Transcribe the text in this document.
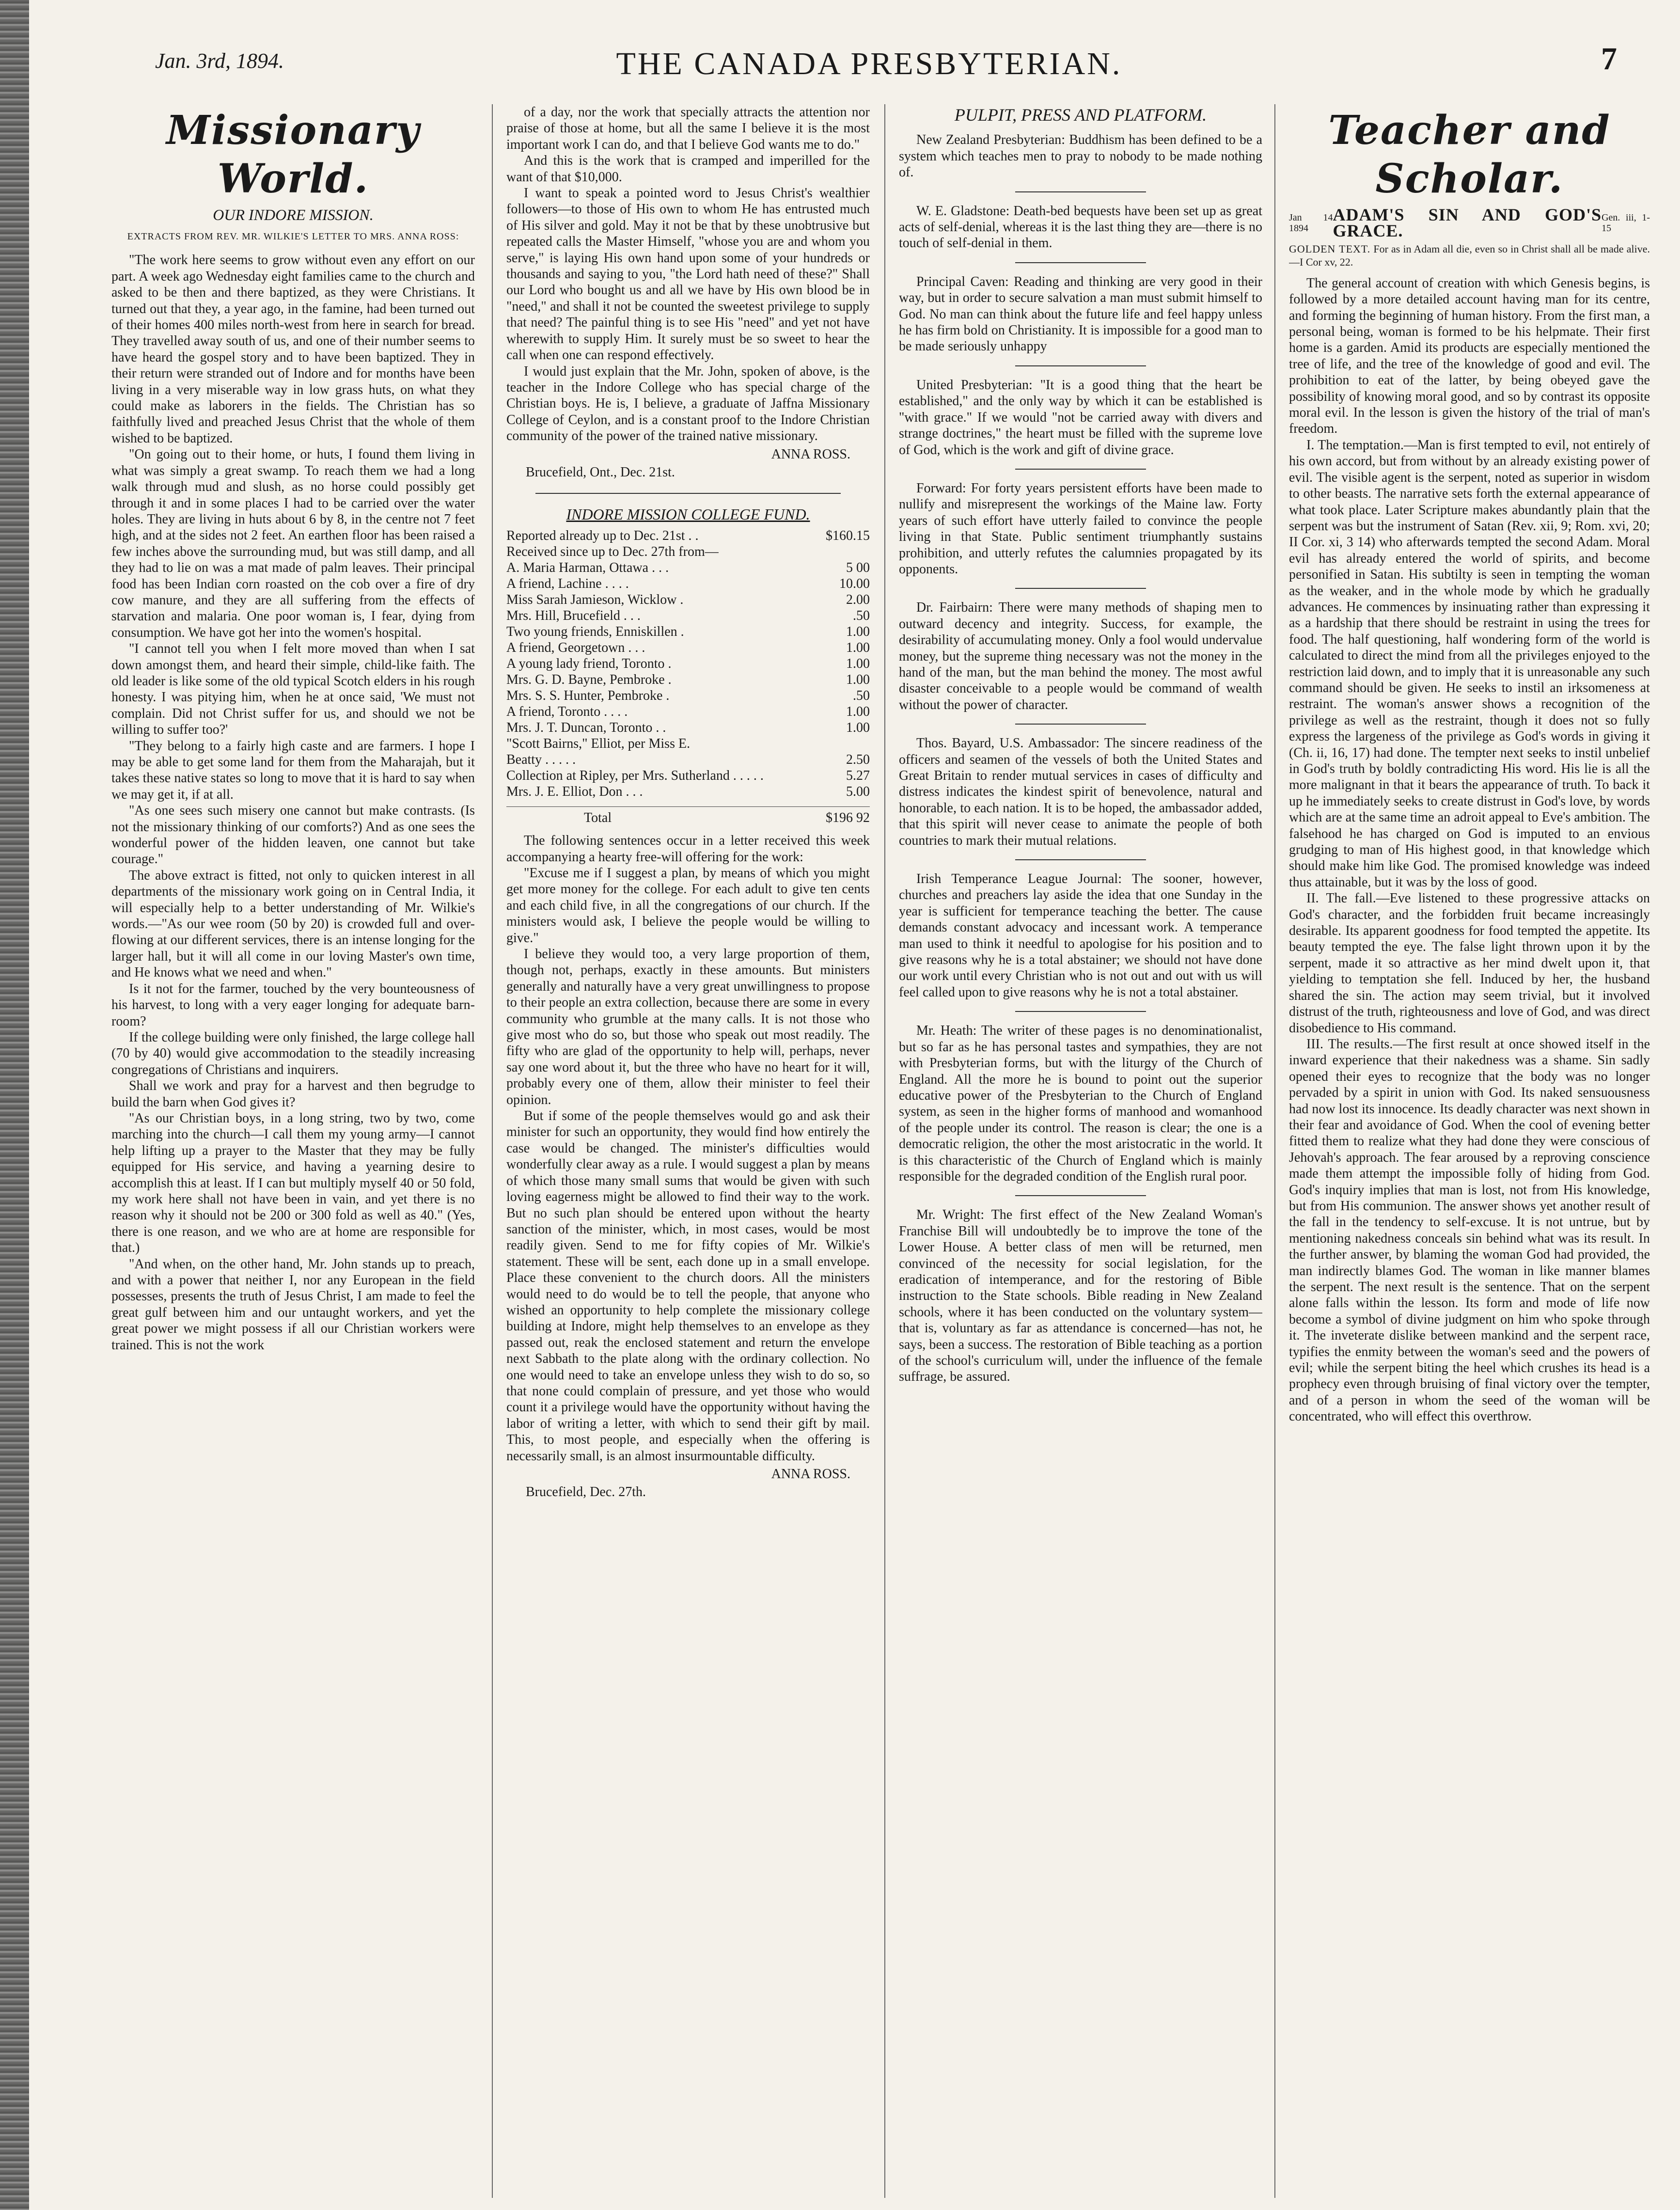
Jan. 3rd, 1894.	THE CANADA PRESBYTERIAN.	7
Missionary World.
OUR INDORE MISSION.
EXTRACTS FROM REV. MR. WILKIE'S LETTER TO MRS. ANNA ROSS:

"The work here seems to grow without even any effort on our part. A week ago Wednesday eight families came to the church and asked to be then and there baptized, as they were Christians. It turned out that they, a year ago, in the famine, had been turned out of their homes 400 miles north-west from here in search for bread. They travelled away south of us, and one of their number seems to have heard the gospel story and to have been baptized. They in their return were stranded out of Indore and for months have been living in a very miserable way in low grass huts, on what they could make as laborers in the fields. The Christian has so faithfully lived and preached Jesus Christ that the whole of them wished to be baptized.

"On going out to their home, or huts, I found them living in what was simply a great swamp. To reach them we had a long walk through mud and slush, as no horse could possibly get through it and in some places I had to be carried over the water holes. They are living in huts about 6 by 8, in the centre not 7 feet high, and at the sides not 2 feet. An earthen floor has been raised a few inches above the surrounding mud, but was still damp, and all they had to lie on was a mat made of palm leaves. Their principal food has been Indian corn roasted on the cob over a fire of dry cow manure, and they are all suffering from the effects of starvation and malaria. One poor woman is, I fear, dying from consumption. We have got her into the women's hospital.

"I cannot tell you when I felt more moved than when I sat down amongst them, and heard their simple, child-like faith. The old leader is like some of the old typical Scotch elders in his rough honesty. I was pitying him, when he at once said, 'We must not complain. Did not Christ suffer for us, and should we not be willing to suffer too?'

"They belong to a fairly high caste and are farmers. I hope I may be able to get some land for them from the Maharajah, but it takes these native states so long to move that it is hard to say when we may get it, if at all.

"As one sees such misery one cannot but make contrasts. (Is not the missionary thinking of our comforts?) And as one sees the wonderful power of the hidden leaven, one cannot but take courage."

The above extract is fitted, not only to quicken interest in all departments of the missionary work going on in Central India, it will especially help to a better understanding of Mr. Wilkie's words.—"As our wee room (50 by 20) is crowded full and over-flowing at our different services, there is an intense longing for the larger hall, but it will all come in our loving Master's own time, and He knows what we need and when."

Is it not for the farmer, touched by the very bounteousness of his harvest, to long with a very eager longing for adequate barn-room?

If the college building were only finished, the large college hall (70 by 40) would give accommodation to the steadily increasing congregations of Christians and inquirers.

Shall we work and pray for a harvest and then begrudge to build the barn when God gives it?

"As our Christian boys, in a long string, two by two, come marching into the church—I call them my young army—I cannot help lifting up a prayer to the Master that they may be fully equipped for His service, and having a yearning desire to accomplish this at least. If I can but multiply myself 40 or 50 fold, my work here shall not have been in vain, and yet there is no reason why it should not be 200 or 300 fold as well as 40." (Yes, there is one reason, and we who are at home are responsible for that.)

"And when, on the other hand, Mr. John stands up to preach, and with a power that neither I, nor any European in the field possesses, presents the truth of Jesus Christ, I am made to feel the great gulf between him and our untaught workers, and yet the great power we might possess if all our Christian workers were trained. This is not the work

of a day, nor the work that specially attracts the attention nor praise of those at home, but all the same I believe it is the most important work I can do, and that I believe God wants me to do."

And this is the work that is cramped and imperilled for the want of that $10,000.

I want to speak a pointed word to Jesus Christ's wealthier followers—to those of His own to whom He has entrusted much of His silver and gold. May it not be that by these unobtrusive but repeated calls the Master Himself, "whose you are and whom you serve," is laying His own hand upon some of your hundreds or thousands and saying to you, "the Lord hath need of these?" Shall our Lord who bought us and all we have by His own blood be in "need," and shall it not be counted the sweetest privilege to supply that need? The painful thing is to see His "need" and yet not have wherewith to supply Him. It surely must be so sweet to hear the call when one can respond effectively.

I would just explain that the Mr. John, spoken of above, is the teacher in the Indore College who has special charge of the Christian boys. He is, I believe, a graduate of Jaffna Missionary College of Ceylon, and is a constant proof to the Indore Christian community of the power of the trained native missionary.

ANNA ROSS.
Brucefield, Ont., Dec. 21st.
INDORE MISSION COLLEGE FUND.
Reported already up to Dec. 21st . .	$160.15
Received since up to Dec. 27th from—
A. Maria Harman, Ottawa . . .	5 00
A friend, Lachine . . . .	10.00
Miss Sarah Jamieson, Wicklow .	2.00
Mrs. Hill, Brucefield . . .	.50
Two young friends, Enniskillen .	1.00
A friend, Georgetown . . .	1.00
A young lady friend, Toronto .	1.00
Mrs. G. D. Bayne, Pembroke .	1.00
Mrs. S. S. Hunter, Pembroke .	.50
A friend, Toronto . . . .	1.00
Mrs. J. T. Duncan, Toronto . .	1.00
"Scott Bairns," Elliot, per Miss E.
Beatty . . . . .	2.50
Collection at Ripley, per Mrs. Sutherland . . . . .	5.27
Mrs. J. E. Elliot, Don . . .	5.00
Total	$196 92

The following sentences occur in a letter received this week accompanying a hearty free-will offering for the work:

"Excuse me if I suggest a plan, by means of which you might get more money for the college. For each adult to give ten cents and each child five, in all the congregations of our church. If the ministers would ask, I believe the people would be willing to give."

I believe they would too, a very large proportion of them, though not, perhaps, exactly in these amounts. But ministers generally and naturally have a very great unwillingness to propose to their people an extra collection, because there are some in every community who grumble at the many calls. It is not those who give most who do so, but those who speak out most readily. The fifty who are glad of the opportunity to help will, perhaps, never say one word about it, but the three who have no heart for it will, probably every one of them, allow their minister to feel their opinion.

But if some of the people themselves would go and ask their minister for such an opportunity, they would find how entirely the case would be changed. The minister's difficulties would wonderfully clear away as a rule. I would suggest a plan by means of which those many small sums that would be given with such loving eagerness might be allowed to find their way to the work. But no such plan should be entered upon without the hearty sanction of the minister, which, in most cases, would be most readily given. Send to me for fifty copies of Mr. Wilkie's statement. These will be sent, each done up in a small envelope. Place these convenient to the church doors. All the ministers would need to do would be to tell the people, that anyone who wished an opportunity to help complete the missionary college building at Indore, might help themselves to an envelope as they passed out, reak the enclosed statement and return the envelope next Sabbath to the plate along with the ordinary collection. No one would need to take an envelope unless they wish to do so, so that none could complain of pressure, and yet those who would count it a privilege would have the opportunity without having the labor of writing a letter, with which to send their gift by mail. This, to most people, and especially when the offering is necessarily small, is an almost insurmountable difficulty.

ANNA ROSS.
Brucefield, Dec. 27th.
PULPIT, PRESS AND PLATFORM.

New Zealand Presbyterian: Buddhism has been defined to be a system which teaches men to pray to nobody to be made nothing of.

W. E. Gladstone: Death-bed bequests have been set up as great acts of self-denial, whereas it is the last thing they are—there is no touch of self-denial in them.

Principal Caven: Reading and thinking are very good in their way, but in order to secure salvation a man must submit himself to God. No man can think about the future life and feel happy unless he has firm bold on Christianity. It is impossible for a good man to be made seriously unhappy

United Presbyterian: "It is a good thing that the heart be established," and the only way by which it can be established is "with grace." If we would "not be carried away with divers and strange doctrines," the heart must be filled with the supreme love of God, which is the work and gift of divine grace.

Forward: For forty years persistent efforts have been made to nullify and misrepresent the workings of the Maine law. Forty years of such effort have utterly failed to convince the people living in that State. Public sentiment triumphantly sustains prohibition, and utterly refutes the calumnies propagated by its opponents.

Dr. Fairbairn: There were many methods of shaping men to outward decency and integrity. Success, for example, the desirability of accumulating money. Only a fool would undervalue money, but the supreme thing necessary was not the money in the hand of the man, but the man behind the money. The most awful disaster conceivable to a people would be command of wealth without the power of character.

Thos. Bayard, U.S. Ambassador: The sincere readiness of the officers and seamen of the vessels of both the United States and Great Britain to render mutual services in cases of difficulty and distress indicates the kindest spirit of benevolence, natural and honorable, to each nation. It is to be hoped, the ambassador added, that this spirit will never cease to animate the people of both countries to mark their mutual relations.

Irish Temperance League Journal: The sooner, however, churches and preachers lay aside the idea that one Sunday in the year is sufficient for temperance teaching the better. The cause demands constant advocacy and incessant work. A temperance man used to think it needful to apologise for his position and to give reasons why he is a total abstainer; we should not have done our work until every Christian who is not out and out with us will feel called upon to give reasons why he is not a total abstainer.

Mr. Heath: The writer of these pages is no denominationalist, but so far as he has personal tastes and sympathies, they are not with Presbyterian forms, but with the liturgy of the Church of England. All the more he is bound to point out the superior educative power of the Presbyterian to the Church of England system, as seen in the higher forms of manhood and womanhood of the people under its control. The reason is clear; the one is a democratic religion, the other the most aristocratic in the world. It is this characteristic of the Church of England which is mainly responsible for the degraded condition of the English rural poor.

Mr. Wright: The first effect of the New Zealand Woman's Franchise Bill will undoubtedly be to improve the tone of the Lower House. A better class of men will be returned, men convinced of the necessity for social legislation, for the eradication of intemperance, and for the restoring of Bible instruction to the State schools. Bible reading in New Zealand schools, where it has been conducted on the voluntary system—that is, voluntary as far as attendance is concerned—has not, he says, been a success. The restoration of Bible teaching as a portion of the school's curriculum will, under the influence of the female suffrage, be assured.

Teacher and Scholar.
Jan 14 1894
ADAM'S SIN AND GOD'S GRACE.
Gen. iii, 1-15
GOLDEN TEXT. For as in Adam all die, even so in Christ shall all be made alive.—I Cor xv, 22.

The general account of creation with which Genesis begins, is followed by a more detailed account having man for its centre, and forming the beginning of human history. From the first man, a personal being, woman is formed to be his helpmate. Their first home is a garden. Amid its products are especially mentioned the tree of life, and the tree of the knowledge of good and evil. The prohibition to eat of the latter, by being obeyed gave the possibility of knowing moral good, and so by contrast its opposite moral evil. In the lesson is given the history of the trial of man's freedom.

I. The temptation.—Man is first tempted to evil, not entirely of his own accord, but from without by an already existing power of evil. The visible agent is the serpent, noted as superior in wisdom to other beasts. The narrative sets forth the external appearance of what took place. Later Scripture makes abundantly plain that the serpent was but the instrument of Satan (Rev. xii, 9; Rom. xvi, 20; II Cor. xi, 3 14) who afterwards tempted the second Adam. Moral evil has already entered the world of spirits, and become personified in Satan. His subtilty is seen in tempting the woman as the weaker, and in the whole mode by which he gradually advances. He commences by insinuating rather than expressing it as a hardship that there should be restraint in using the trees for food. The half questioning, half wondering form of the world is calculated to direct the mind from all the privileges enjoyed to the restriction laid down, and to imply that it is unreasonable any such command should be given. He seeks to instil an irksomeness at restraint. The woman's answer shows a recognition of the privilege as well as the restraint, though it does not so fully express the largeness of the privilege as God's words in giving it (Ch. ii, 16, 17) had done. The tempter next seeks to instil unbelief in God's truth by boldly contradicting His word. His lie is all the more malignant in that it bears the appearance of truth. To back it up he immediately seeks to create distrust in God's love, by words which are at the same time an adroit appeal to Eve's ambition. The falsehood he has charged on God is imputed to an envious grudging to man of His highest good, in that knowledge which should make him like God. The promised knowledge was indeed thus attainable, but it was by the loss of good.

II. The fall.—Eve listened to these progressive attacks on God's character, and the forbidden fruit became increasingly desirable. Its apparent goodness for food tempted the appetite. Its beauty tempted the eye. The false light thrown upon it by the serpent, made it so attractive as her mind dwelt upon it, that yielding to temptation she fell. Induced by her, the husband shared the sin. The action may seem trivial, but it involved distrust of the truth, righteousness and love of God, and was direct disobedience to His command.

III. The results.—The first result at once showed itself in the inward experience that their nakedness was a shame. Sin sadly opened their eyes to recognize that the body was no longer pervaded by a spirit in union with God. Its naked sensuousness had now lost its innocence. Its deadly character was next shown in their fear and avoidance of God. When the cool of evening better fitted them to realize what they had done they were conscious of Jehovah's approach. The fear aroused by a reproving conscience made them attempt the impossible folly of hiding from God. God's inquiry implies that man is lost, not from His knowledge, but from His communion. The answer shows yet another result of the fall in the tendency to self-excuse. It is not untrue, but by mentioning nakedness conceals sin behind what was its result. In the further answer, by blaming the woman God had provided, the man indirectly blames God. The woman in like manner blames the serpent. The next result is the sentence. That on the serpent alone falls within the lesson. Its form and mode of life now become a symbol of divine judgment on him who spoke through it. The inveterate dislike between mankind and the serpent race, typifies the enmity between the woman's seed and the powers of evil; while the serpent biting the heel which crushes its head is a prophecy even through bruising of final victory over the tempter, and of a person in whom the seed of the woman will be concentrated, who will effect this overthrow.
